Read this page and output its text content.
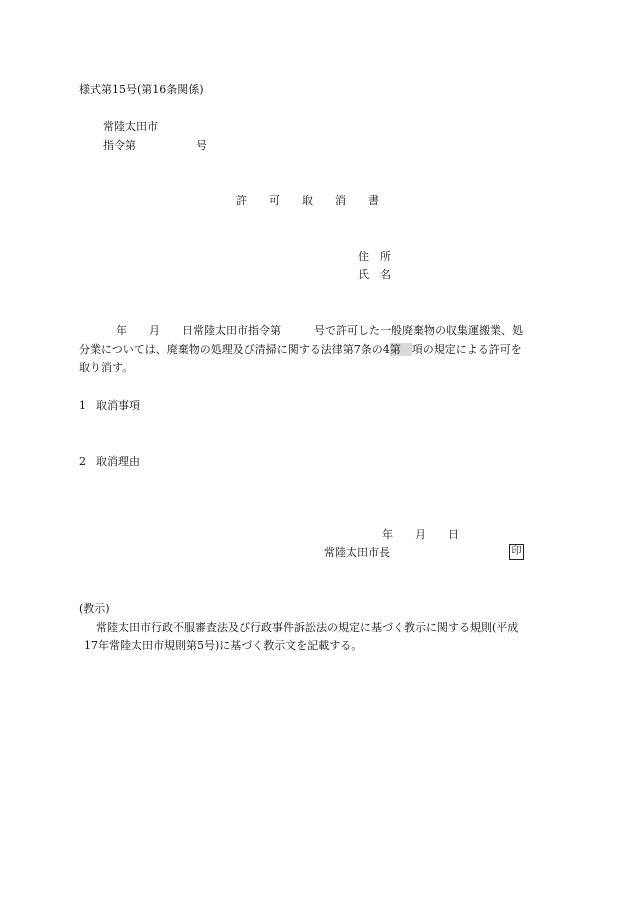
様式第15号(第16条関係)
常陸太田市
指令第	号
許　　可　　取　　消　　書
住　所
氏　名
年　　月　　日常陸太田市指令第　　　号で許可した一般廃棄物の収集運搬業、処
分業については、廃棄物の処理及び清掃に関する法律第7条の4第　項の規定による許可を
取り消す。
1 取消事項
2 取消理由
年　　月　　日
常陸太田市長	印
(教示)
常陸太田市行政不服審査法及び行政事件訴訟法の規定に基づく教示に関する規則(平成
17年常陸太田市規則第5号)に基づく教示文を記載する。
